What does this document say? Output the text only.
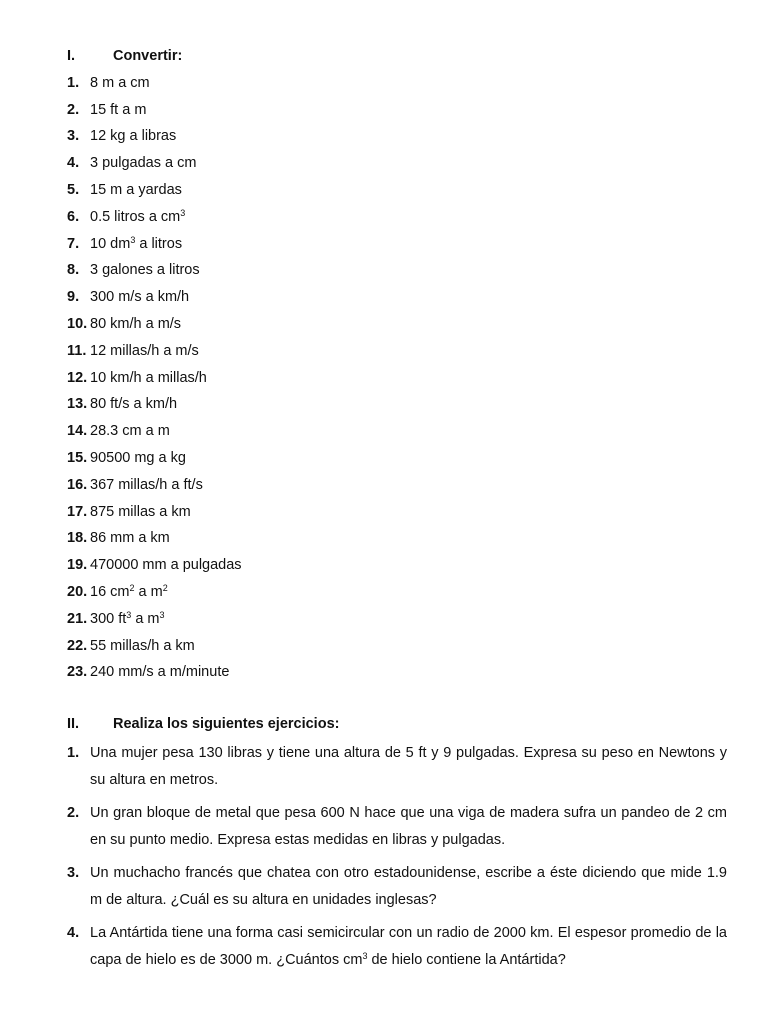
I.	Convertir:
1. 8 m a cm
2. 15 ft a m
3. 12 kg a libras
4. 3 pulgadas a cm
5. 15 m a yardas
6. 0.5 litros a $cm^3$
7. 10 $dm^3$ a litros
8. 3 galones a litros
9. 300 m/s a km/h
10. 80 km/h a m/s
11. 12 millas/h a m/s
12. 10 km/h a millas/h
13. 80 ft/s a km/h
14. 28.3 cm a m
15. 90500 mg a kg
16. 367 millas/h a ft/s
17. 875 millas a km
18. 86 mm a km
19. 470000 mm a pulgadas
20. 16 $cm^2$ a $m^2$
21. 300 $ft^3$ a $m^3$
22. 55 millas/h a km
23. 240 mm/s a m/minute
II.	Realiza los siguientes ejercicios:
1. Una mujer pesa 130 libras y tiene una altura de 5 ft y 9 pulgadas. Expresa su peso en Newtons y su altura en metros.
2. Un gran bloque de metal que pesa 600 N hace que una viga de madera sufra un pandeo de 2 cm en su punto medio. Expresa estas medidas en libras y pulgadas.
3. Un muchacho francés que chatea con otro estadounidense, escribe a éste diciendo que mide 1.9 m de altura. ¿Cuál es su altura en unidades inglesas?
4. La Antártida tiene una forma casi semicircular con un radio de 2000 km. El espesor promedio de la capa de hielo es de 3000 m. ¿Cuántos $cm^3$ de hielo contiene la Antártida?
